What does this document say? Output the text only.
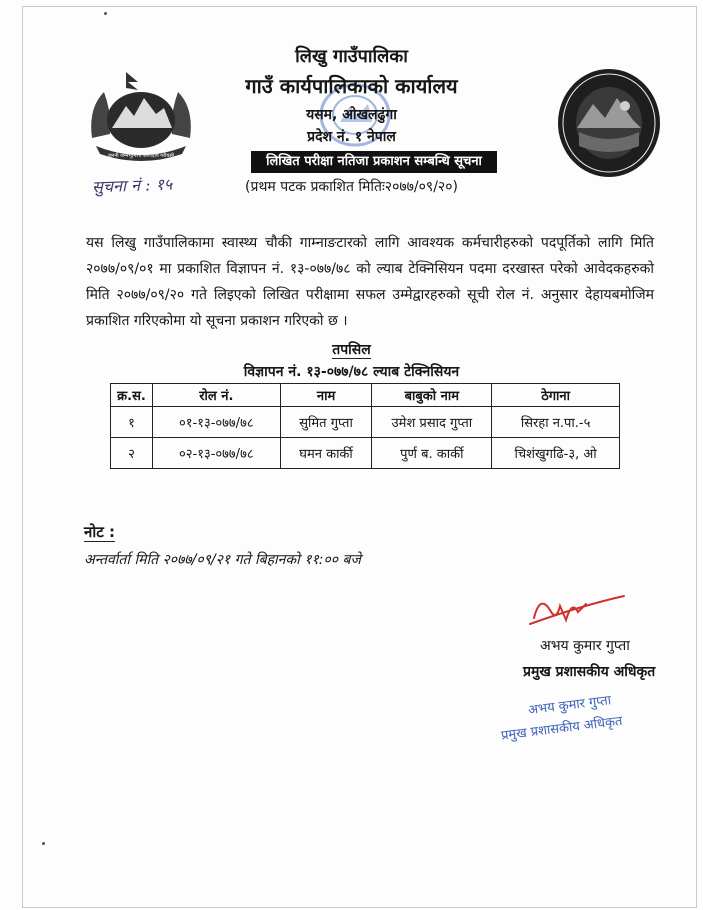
जननी जन्मभूमिश्च स्वर्गादपि गरीयसी
लिखु गाउँपालिका
गाउँ कार्यपालिकाको कार्यालय
यसम, ओखलढुंगा
प्रदेश नं. १ नेपाल
लिखित परीक्षा नतिजा प्रकाशन सम्बन्धि सूचना
(प्रथम पटक प्रकाशित मितिः२०७७/०९/२०)
सुचना नं : १५
यस लिखु गाउँपालिकामा स्वास्थ्य चौकी गाम्नाङटारको लागि आवश्यक कर्मचारीहरुको पदपूर्तिको लागि मिति २०७७/०९/०१ मा प्रकाशित विज्ञापन नं. १३-०७७/७८ को ल्याब टेक्निसियन पदमा दरखास्त परेको आवेदकहरुको मिति २०७७/०९/२० गते लिइएको लिखित परीक्षामा सफल उम्मेद्वारहरुको सूची रोल नं. अनुसार देहायबमोजिम प्रकाशित गरिएकोमा यो सूचना प्रकाशन गरिएको छ ।
तपसिल
विज्ञापन नं. १३-०७७/७८ ल्याब टेक्निसियन
क्र.स.	रोल नं.	नाम	बाबुको नाम	ठेगाना
१	०१-१३-०७७/७८	सुमित गुप्ता	उमेश प्रसाद गुप्ता	सिरहा न.पा.-५
२	०२-१३-०७७/७८	घमन कार्की	पुर्ण ब. कार्की	चिशंखुगढि-३, ओ
नोट :
अन्तर्वार्ता मिति २०७७/०९/२१ गते बिहानको ११:०० बजे
अभय कुमार गुप्ता
प्रमुख प्रशासकीय अधिकृत
अभय कुमार गुप्ता
प्रमुख प्रशासकीय अधिकृत
